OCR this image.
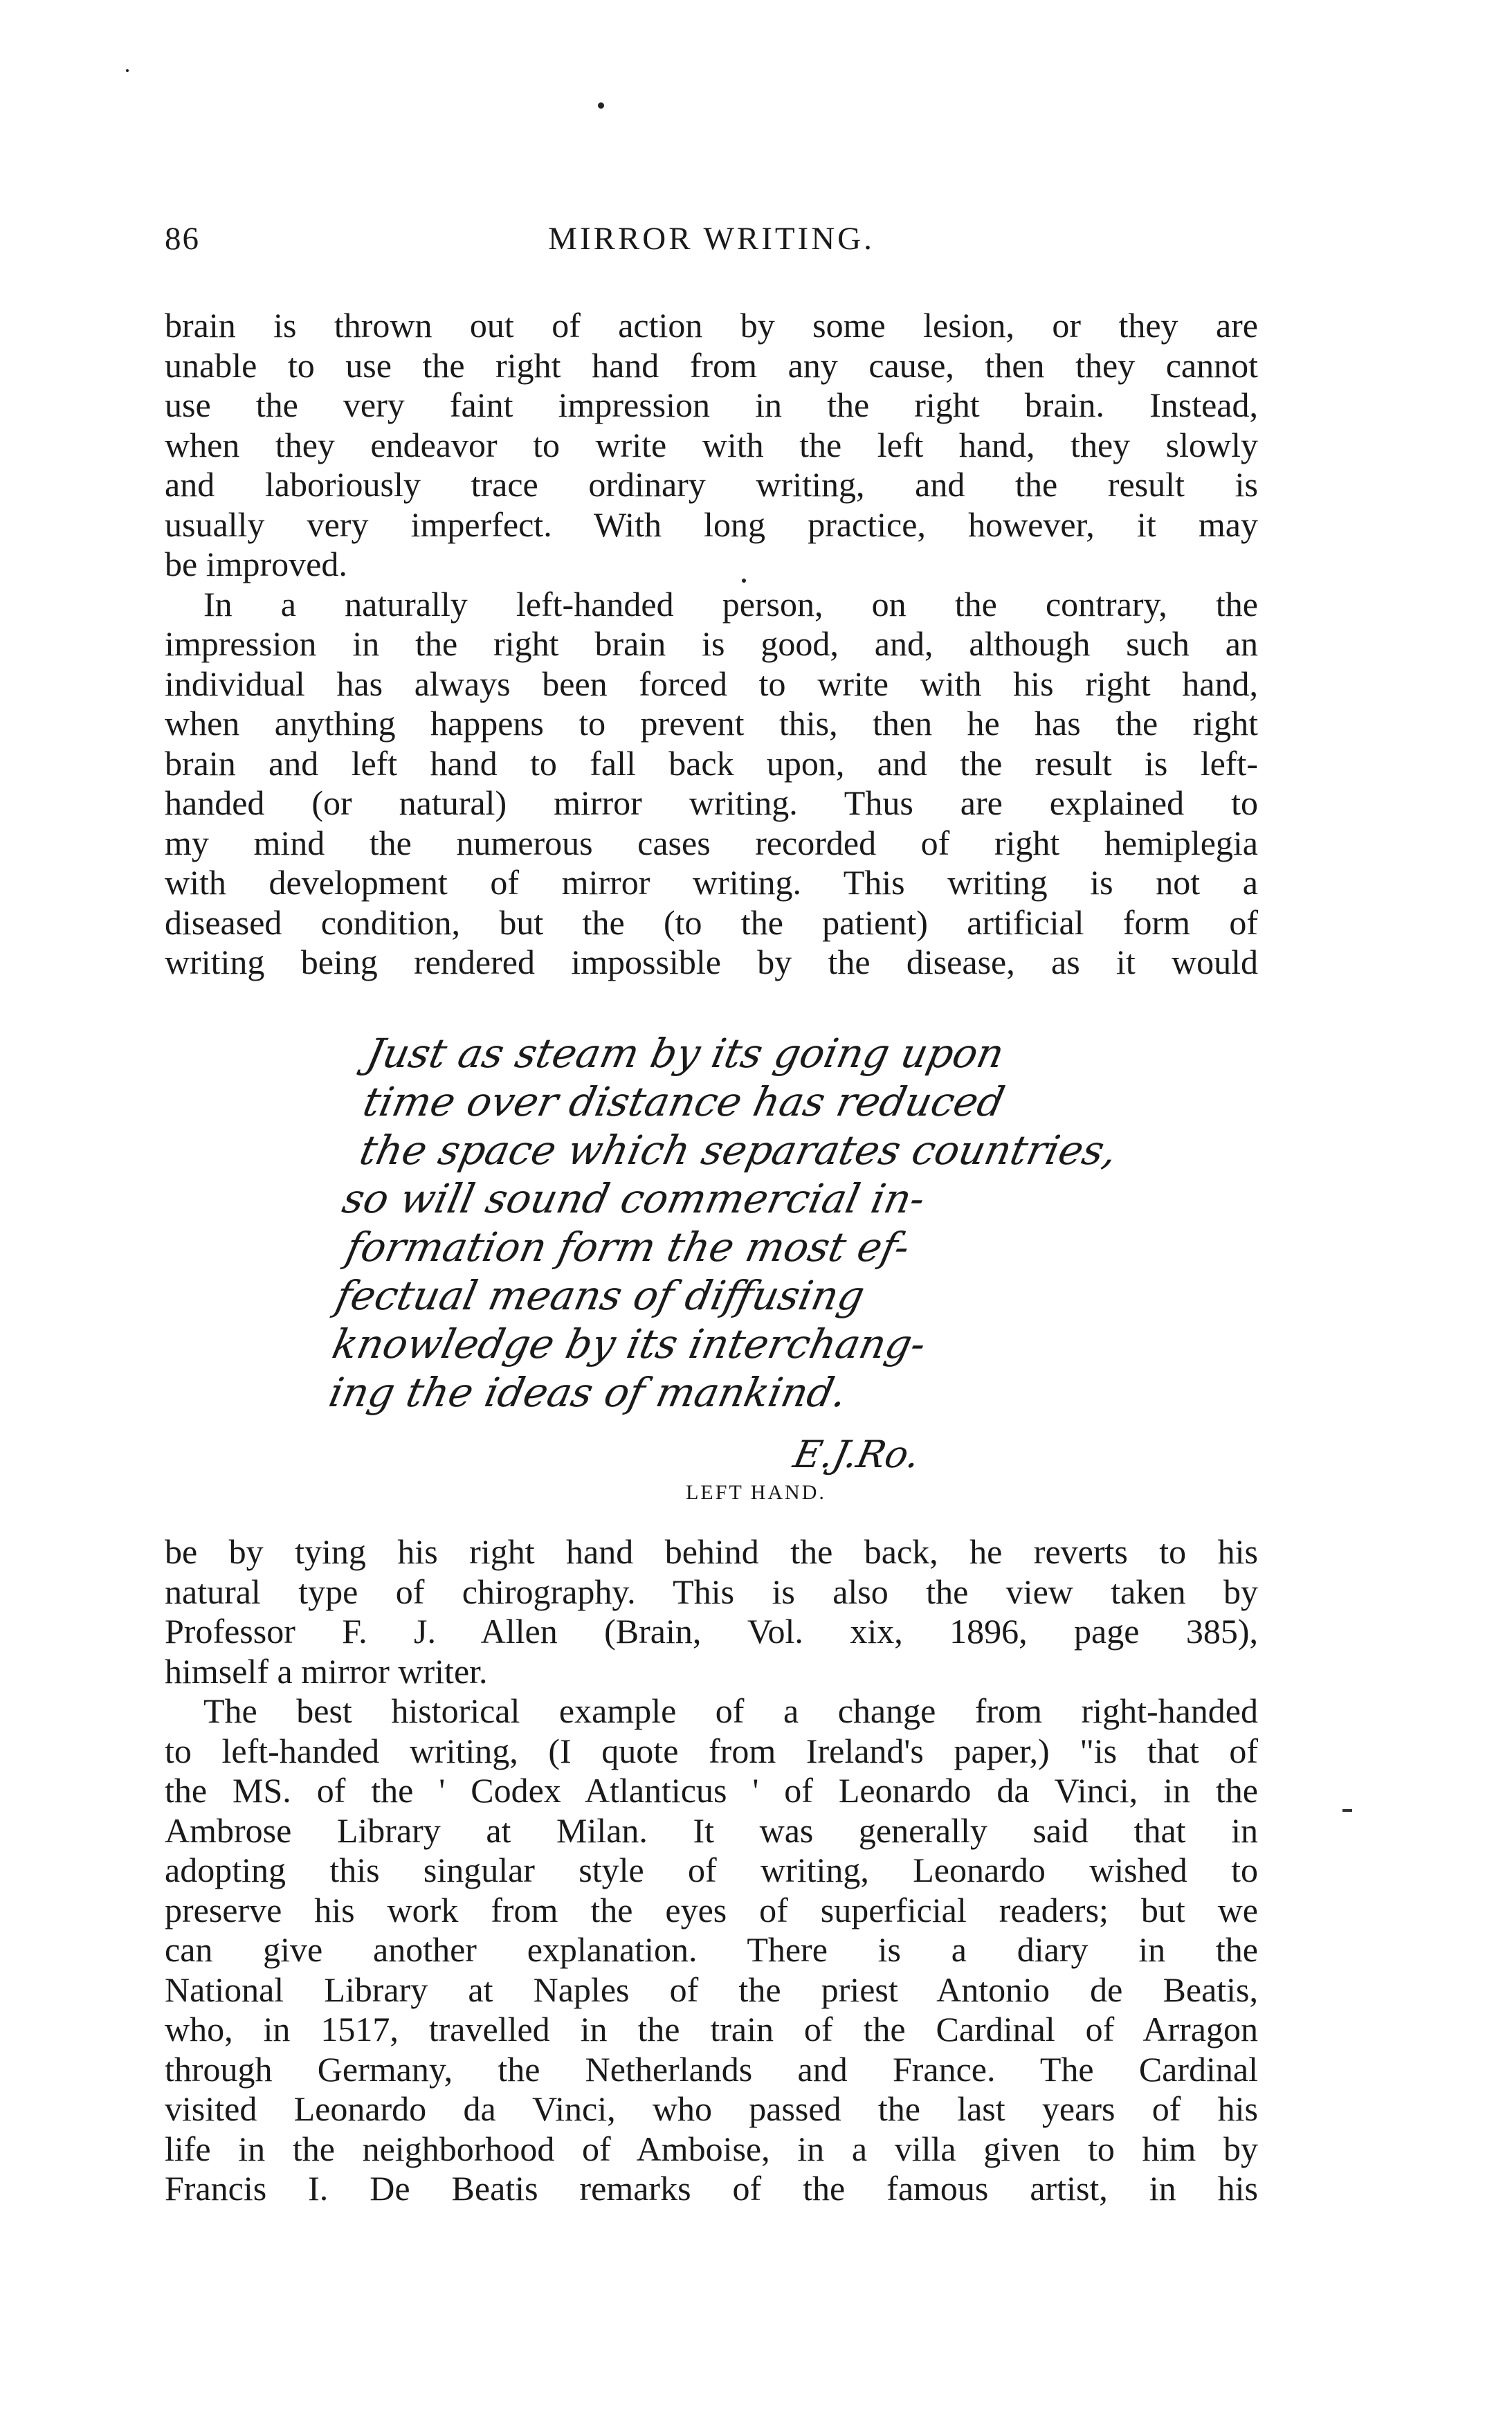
86	MIRROR WRITING.
brain is thrown out of action by some lesion, or they are
unable to use the right hand from any cause, then they cannot
use the very faint impression in the right brain. Instead,
when they endeavor to write with the left hand, they slowly
and laboriously trace ordinary writing, and the result is
usually very imperfect. With long practice, however, it may
be improved.
In a naturally left-handed person, on the contrary, the
impression in the right brain is good, and, although such an
individual has always been forced to write with his right hand,
when anything happens to prevent this, then he has the right
brain and left hand to fall back upon, and the result is left-
handed (or natural) mirror writing. Thus are explained to
my mind the numerous cases recorded of right hemiplegia
with development of mirror writing. This writing is not a
diseased condition, but the (to the patient) artificial form of
writing being rendered impossible by the disease, as it would
Just as steam by its going upon
time over distance has reduced
the space which separates countries,
so will sound commercial in-
formation form the most ef-
fectual means of diffusing
knowledge by its interchang-
ing the ideas of mankind.
E.J.Ro.
LEFT HAND.
be by tying his right hand behind the back, he reverts to his
natural type of chirography. This is also the view taken by
Professor F. J. Allen (Brain, Vol. xix, 1896, page 385),
himself a mirror writer.
The best historical example of a change from right-handed
to left-handed writing, (I quote from Ireland's paper,) "is that of
the MS. of the ' Codex Atlanticus ' of Leonardo da Vinci, in the
Ambrose Library at Milan. It was generally said that in
adopting this singular style of writing, Leonardo wished to
preserve his work from the eyes of superficial readers; but we
can give another explanation. There is a diary in the
National Library at Naples of the priest Antonio de Beatis,
who, in 1517, travelled in the train of the Cardinal of Arragon
through Germany, the Netherlands and France. The Cardinal
visited Leonardo da Vinci, who passed the last years of his
life in the neighborhood of Amboise, in a villa given to him by
Francis I. De Beatis remarks of the famous artist, in his
